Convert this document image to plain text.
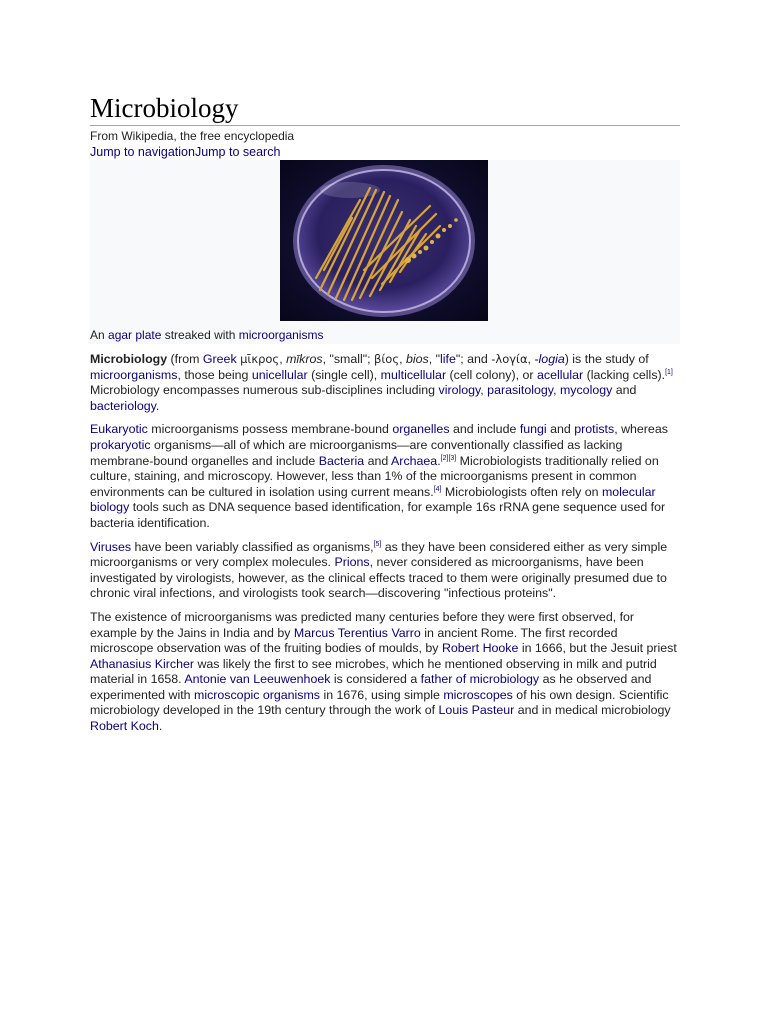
Microbiology
From Wikipedia, the free encyclopedia
Jump to navigationJump to search
An agar plate streaked with microorganisms

Microbiology (from Greek μῑκρος, mīkros, "small"; βίος, bios, "life"; and -λογία, -logia) is the study of microorganisms, those being unicellular (single cell), multicellular (cell colony), or acellular (lacking cells).[1] Microbiology encompasses numerous sub-disciplines including virology, parasitology, mycology and bacteriology.

Eukaryotic microorganisms possess membrane-bound organelles and include fungi and protists, whereas prokaryotic organisms—all of which are microorganisms—are conventionally classified as lacking membrane-bound organelles and include Bacteria and Archaea.[2][3] Microbiologists traditionally relied on culture, staining, and microscopy. However, less than 1% of the microorganisms present in common environments can be cultured in isolation using current means.[4] Microbiologists often rely on molecular biology tools such as DNA sequence based identification, for example 16s rRNA gene sequence used for bacteria identification.

Viruses have been variably classified as organisms,[5] as they have been considered either as very simple microorganisms or very complex molecules. Prions, never considered as microorganisms, have been investigated by virologists, however, as the clinical effects traced to them were originally presumed due to chronic viral infections, and virologists took search—discovering "infectious proteins".

The existence of microorganisms was predicted many centuries before they were first observed, for example by the Jains in India and by Marcus Terentius Varro in ancient Rome. The first recorded microscope observation was of the fruiting bodies of moulds, by Robert Hooke in 1666, but the Jesuit priest Athanasius Kircher was likely the first to see microbes, which he mentioned observing in milk and putrid material in 1658. Antonie van Leeuwenhoek is considered a father of microbiology as he observed and experimented with microscopic organisms in 1676, using simple microscopes of his own design. Scientific microbiology developed in the 19th century through the work of Louis Pasteur and in medical microbiology Robert Koch.
